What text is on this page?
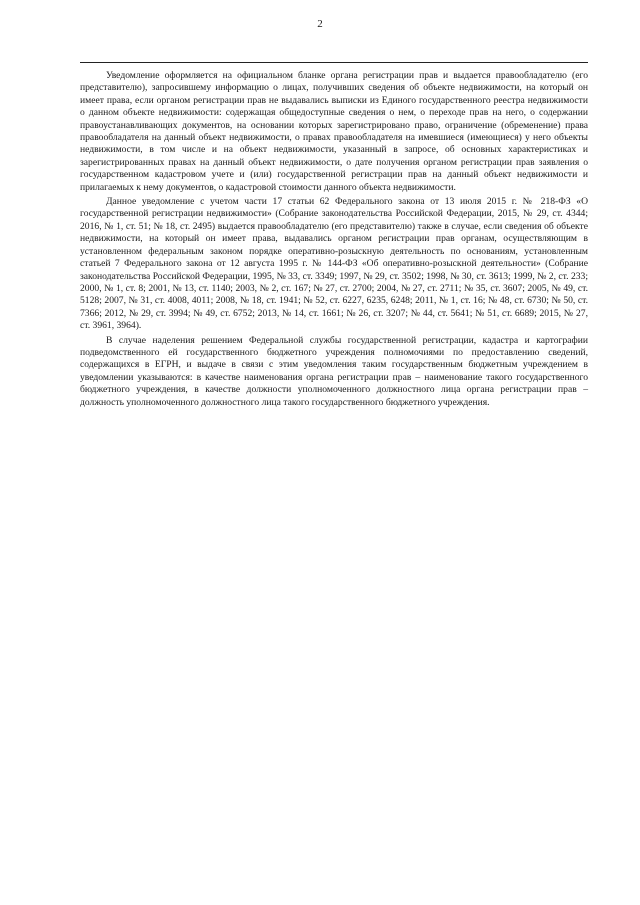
2

Уведомление оформляется на официальном бланке органа регистрации прав и выдается правообладателю (его представителю), запросившему информацию о лицах, получивших сведения об объекте недвижимости, на который он имеет права, если органом регистрации прав не выдавались выписки из Единого государственного реестра недвижимости о данном объекте недвижимости: содержащая общедоступные сведения о нем, о переходе прав на него, о содержании правоустанавливающих документов, на основании которых зарегистрировано право, ограничение (обременение) права правообладателя на данный объект недвижимости, о правах правообладателя на имевшиеся (имеющиеся) у него объекты недвижимости, в том числе и на объект недвижимости, указанный в запросе, об основных характеристиках и зарегистрированных правах на данный объект недвижимости, о дате получения органом регистрации прав заявления о государственном кадастровом учете и (или) государственной регистрации прав на данный объект недвижимости и прилагаемых к нему документов, о кадастровой стоимости данного объекта недвижимости.

Данное уведомление с учетом части 17 статьи 62 Федерального закона от 13 июля 2015 г. № 218-ФЗ «О государственной регистрации недвижимости» (Собрание законодательства Российской Федерации, 2015, № 29, ст. 4344; 2016, № 1, ст. 51; № 18, ст. 2495) выдается правообладателю (его представителю) также в случае, если сведения об объекте недвижимости, на который он имеет права, выдавались органом регистрации прав органам, осуществляющим в установленном федеральным законом порядке оперативно-розыскную деятельность по основаниям, установленным статьей 7 Федерального закона от 12 августа 1995 г. № 144-ФЗ «Об оперативно-розыскной деятельности» (Собрание законодательства Российской Федерации, 1995, № 33, ст. 3349; 1997, № 29, ст. 3502; 1998, № 30, ст. 3613; 1999, № 2, ст. 233; 2000, № 1, ст. 8; 2001, № 13, ст. 1140; 2003, № 2, ст. 167; № 27, ст. 2700; 2004, № 27, ст. 2711; № 35, ст. 3607; 2005, № 49, ст. 5128; 2007, № 31, ст. 4008, 4011; 2008, № 18, ст. 1941; № 52, ст. 6227, 6235, 6248; 2011, № 1, ст. 16; № 48, ст. 6730; № 50, ст. 7366; 2012, № 29, ст. 3994; № 49, ст. 6752; 2013, № 14, ст. 1661; № 26, ст. 3207; № 44, ст. 5641; № 51, ст. 6689; 2015, № 27, ст. 3961, 3964).

В случае наделения решением Федеральной службы государственной регистрации, кадастра и картографии подведомственного ей государственного бюджетного учреждения полномочиями по предоставлению сведений, содержащихся в ЕГРН, и выдаче в связи с этим уведомления таким государственным бюджетным учреждением в уведомлении указываются: в качестве наименования органа регистрации прав – наименование такого государственного бюджетного учреждения, в качестве должности уполномоченного должностного лица органа регистрации прав – должность уполномоченного должностного лица такого государственного бюджетного учреждения.
